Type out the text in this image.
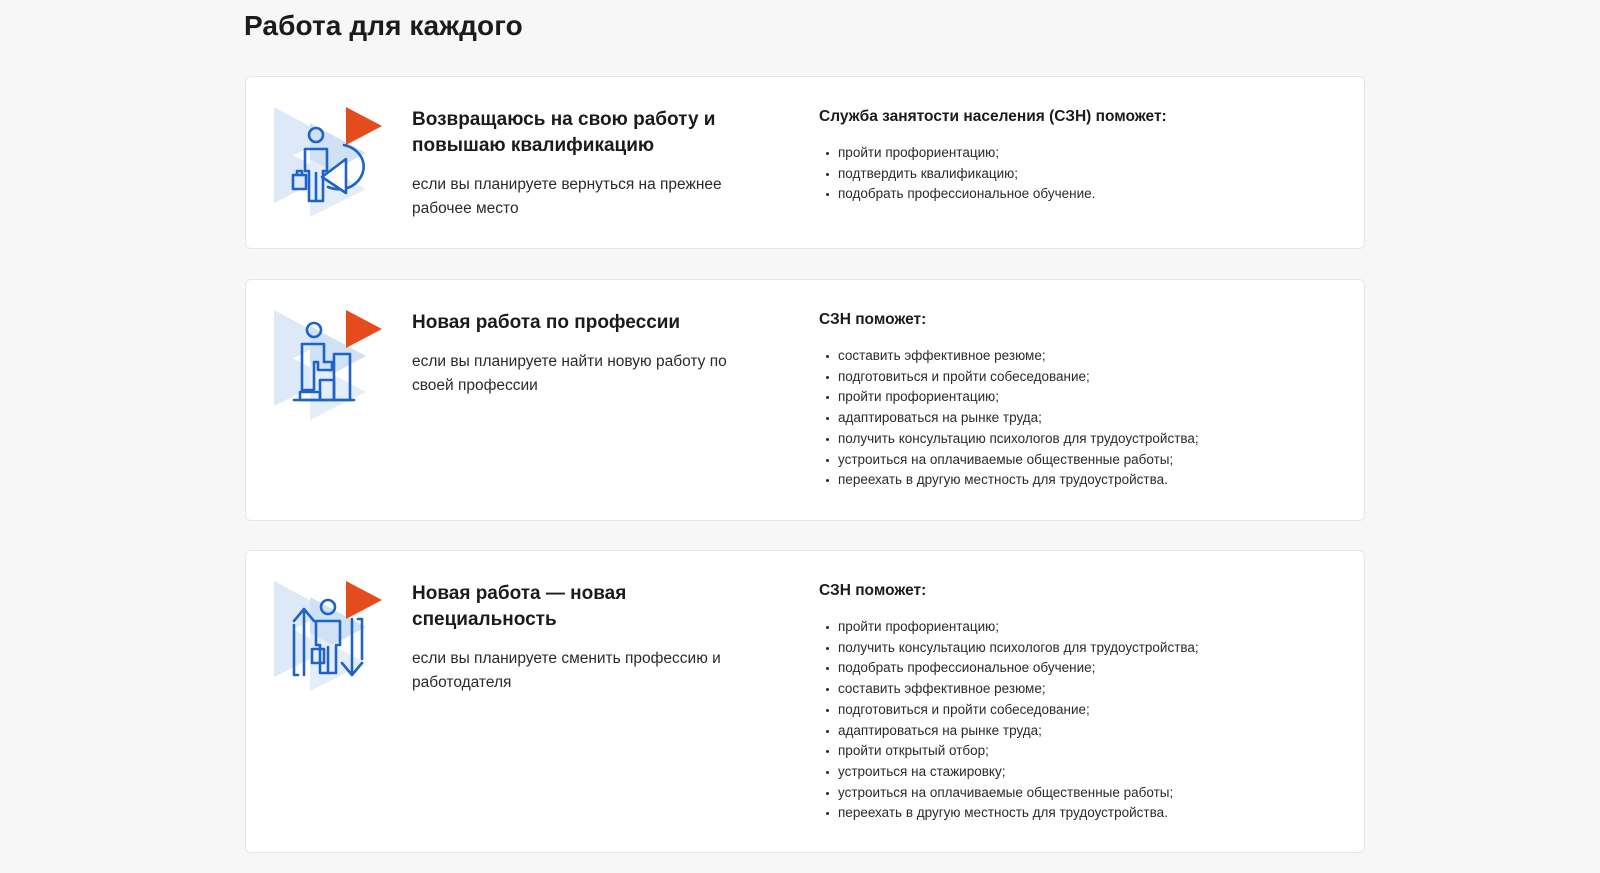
Работа для каждого
Возвращаюсь на свою работу и повышаю квалификацию
если вы планируете вернуться на прежнее рабочее место
Служба занятости населения (СЗН) поможет:
пройти профориентацию;
подтвердить квалификацию;
подобрать профессиональное обучение.
Новая работа по профессии
если вы планируете найти новую работу по своей профессии
СЗН поможет:
составить эффективное резюме;
подготовиться и пройти собеседование;
пройти профориентацию;
адаптироваться на рынке труда;
получить консультацию психологов для трудоустройства;
устроиться на оплачиваемые общественные работы;
переехать в другую местность для трудоустройства.
Новая работа — новая специальность
если вы планируете сменить профессию и работодателя
СЗН поможет:
пройти профориентацию;
получить консультацию психологов для трудоустройства;
подобрать профессиональное обучение;
составить эффективное резюме;
подготовиться и пройти собеседование;
адаптироваться на рынке труда;
пройти открытый отбор;
устроиться на стажировку;
устроиться на оплачиваемые общественные работы;
переехать в другую местность для трудоустройства.
